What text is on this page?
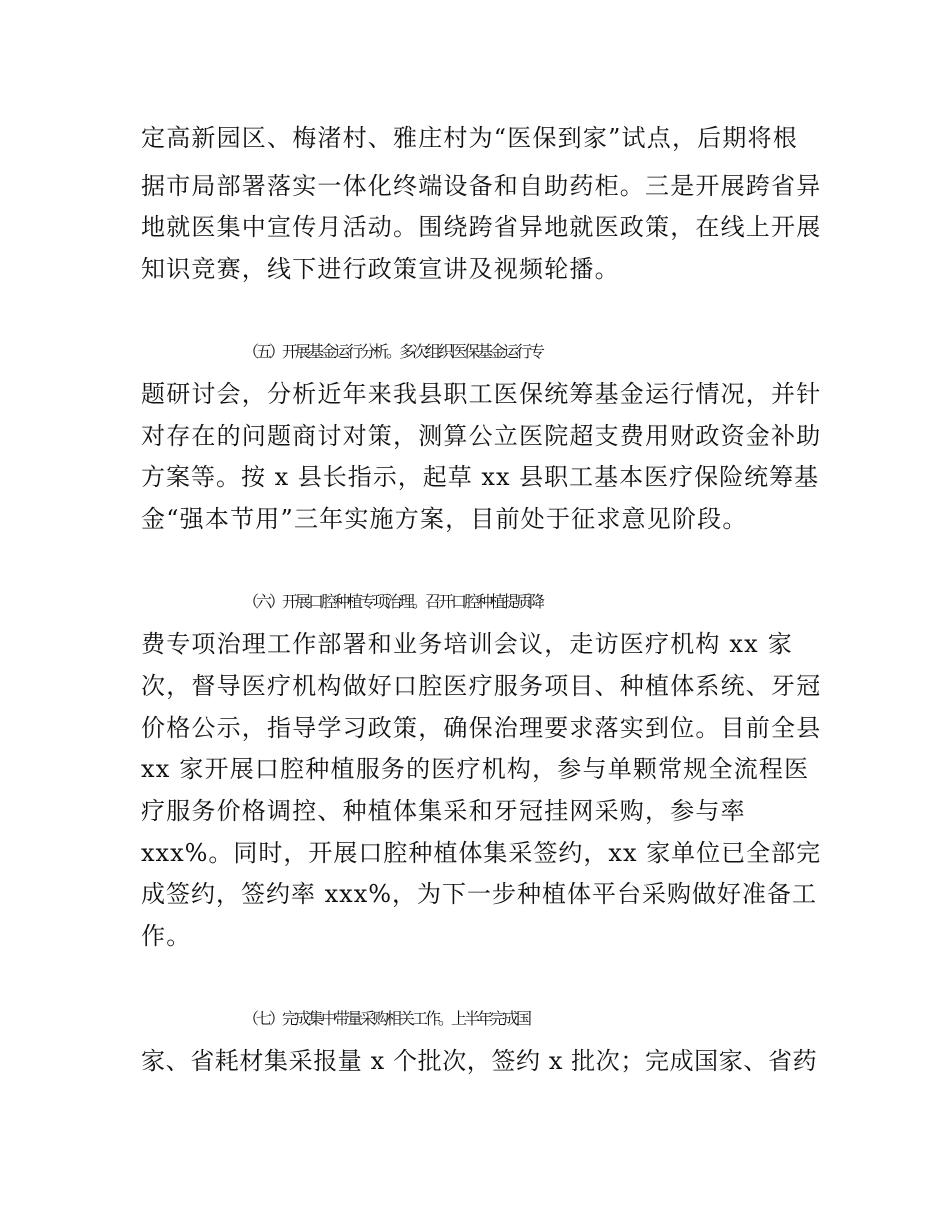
定高新园区、梅渚村、雅庄村为“医保到家”试点，后期将根
据市局部署落实一体化终端设备和自助药柜。三是开展跨省异
地就医集中宣传月活动。围绕跨省异地就医政策，在线上开展
知识竞赛，线下进行政策宣讲及视频轮播。
（五）开展基金运行分析。多次组织医保基金运行专
题研讨会，分析近年来我县职工医保统筹基金运行情况，并针
对存在的问题商讨对策，测算公立医院超支费用财政资金补助
方案等。按 x 县长指示，起草 xx 县职工基本医疗保险统筹基
金“强本节用”三年实施方案，目前处于征求意见阶段。
（六）开展口腔种植专项治理。召开口腔种植提质降
费专项治理工作部署和业务培训会议，走访医疗机构 xx 家
次，督导医疗机构做好口腔医疗服务项目、种植体系统、牙冠
价格公示，指导学习政策，确保治理要求落实到位。目前全县
xx 家开展口腔种植服务的医疗机构，参与单颗常规全流程医
疗服务价格调控、种植体集采和牙冠挂网采购，参与率
xxx%。同时，开展口腔种植体集采签约，xx 家单位已全部完
成签约，签约率 xxx%，为下一步种植体平台采购做好准备工
作。
（七）完成集中带量采购相关工作。上半年完成国
家、省耗材集采报量 x 个批次，签约 x 批次；完成国家、省药
